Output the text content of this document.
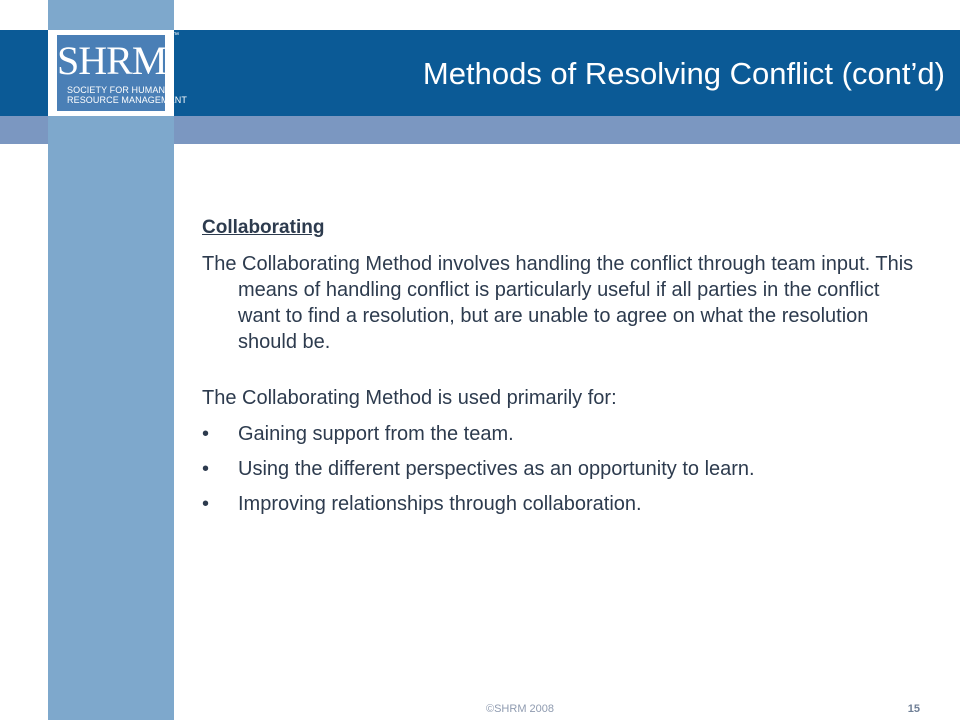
SHRM
SOCIETY FOR HUMAN
RESOURCE MANAGEMENT
™
Methods of Resolving Conflict (cont’d)
Collaborating
The Collaborating Method involves handling the conflict through team input. This means of handling conflict is particularly useful if all parties in the conflict want to find a resolution, but are unable to agree on what the resolution should be.
The Collaborating Method is used primarily for:
•	Gaining support from the team.
•	Using the different perspectives as an opportunity to learn.
•	Improving relationships through collaboration.
©SHRM 2008	15
